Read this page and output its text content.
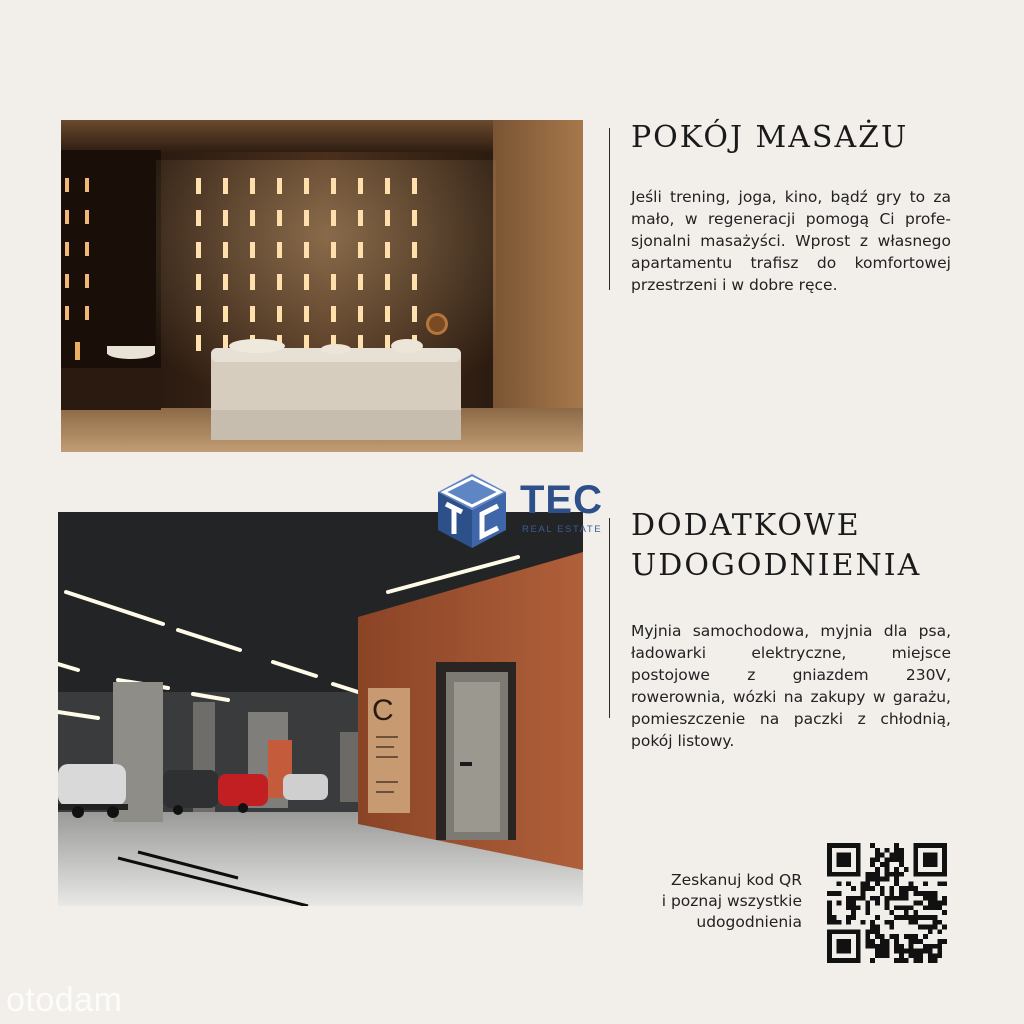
C
POKÓJ MASAŻU
DODATKOWE
UDOGODNIENIA

Jeśli trening, joga, kino, bądź gry to za mało, w regeneracji pomogą Ci profesjonalni masażyści. Wprost z własnego apartamentu trafisz do komfortowej przestrzeni i w dobre ręce.

Myjnia samochodowa, myjnia dla psa, ładowarki elektryczne, miejsce postojowe z gniazdem 230V, rowerownia, wózki na zakupy w garażu, pomieszczenie na paczki z chłodnią, pokój listowy.

Zeskanuj kod QR
i poznaj wszystkie
udogodnienia

TEC
REAL ESTATE
otodam
